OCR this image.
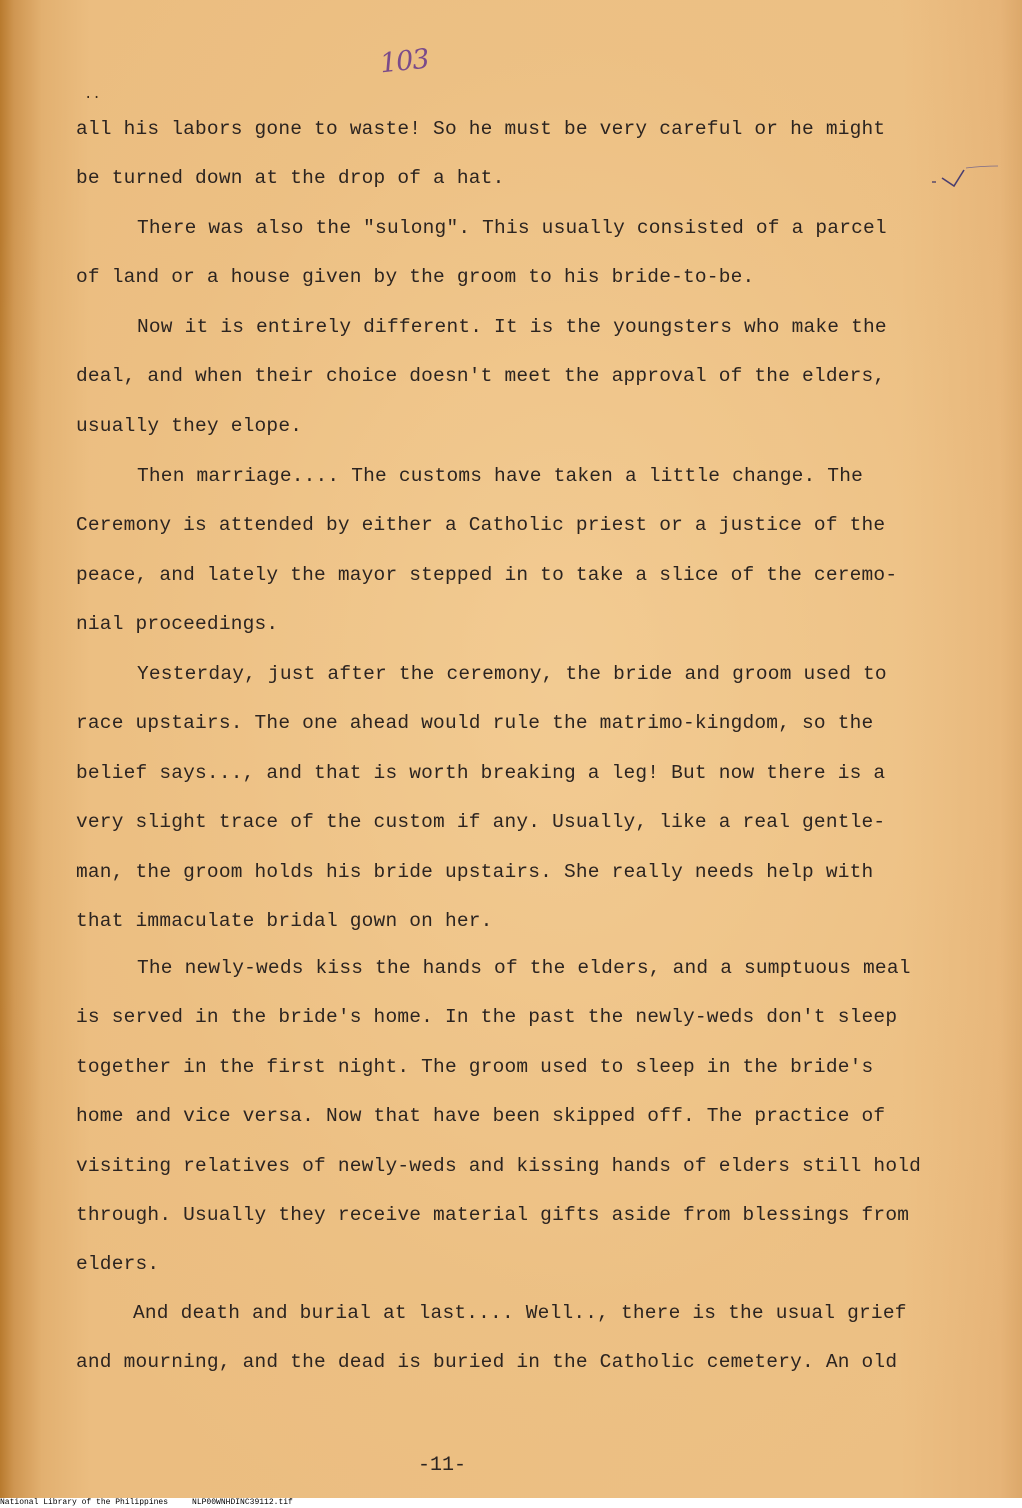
103
··
all his labors gone to waste! So he must be very careful or he might
be turned down at the drop of a hat.
There was also the "sulong". This usually consisted of a parcel
of land or a house given by the groom to his bride-to-be.
Now it is entirely different. It is the youngsters who make the
deal, and when their choice doesn't meet the approval of the elders,
usually they elope.
Then marriage.... The customs have taken a little change. The
Ceremony is attended by either a Catholic priest or a justice of the
peace, and lately the mayor stepped in to take a slice of the ceremo-
nial proceedings.
Yesterday, just after the ceremony, the bride and groom used to
race upstairs. The one ahead would rule the matrimo-kingdom, so the
belief says..., and that is worth breaking a leg! But now there is a
very slight trace of the custom if any. Usually, like a real gentle-
man, the groom holds his bride upstairs. She really needs help with
that immaculate bridal gown on her.
The newly-weds kiss the hands of the elders, and a sumptuous meal
is served in the bride's home. In the past the newly-weds don't sleep
together in the first night. The groom used to sleep in the bride's
home and vice versa. Now that have been skipped off. The practice of
visiting relatives of newly-weds and kissing hands of elders still hold
through. Usually they receive material gifts aside from blessings from
elders.
And death and burial at last.... Well.., there is the usual grief
and mourning, and the dead is buried in the Catholic cemetery. An old
-11-
National Library of the Philippines     NLP00WNHDINC39112.tif
